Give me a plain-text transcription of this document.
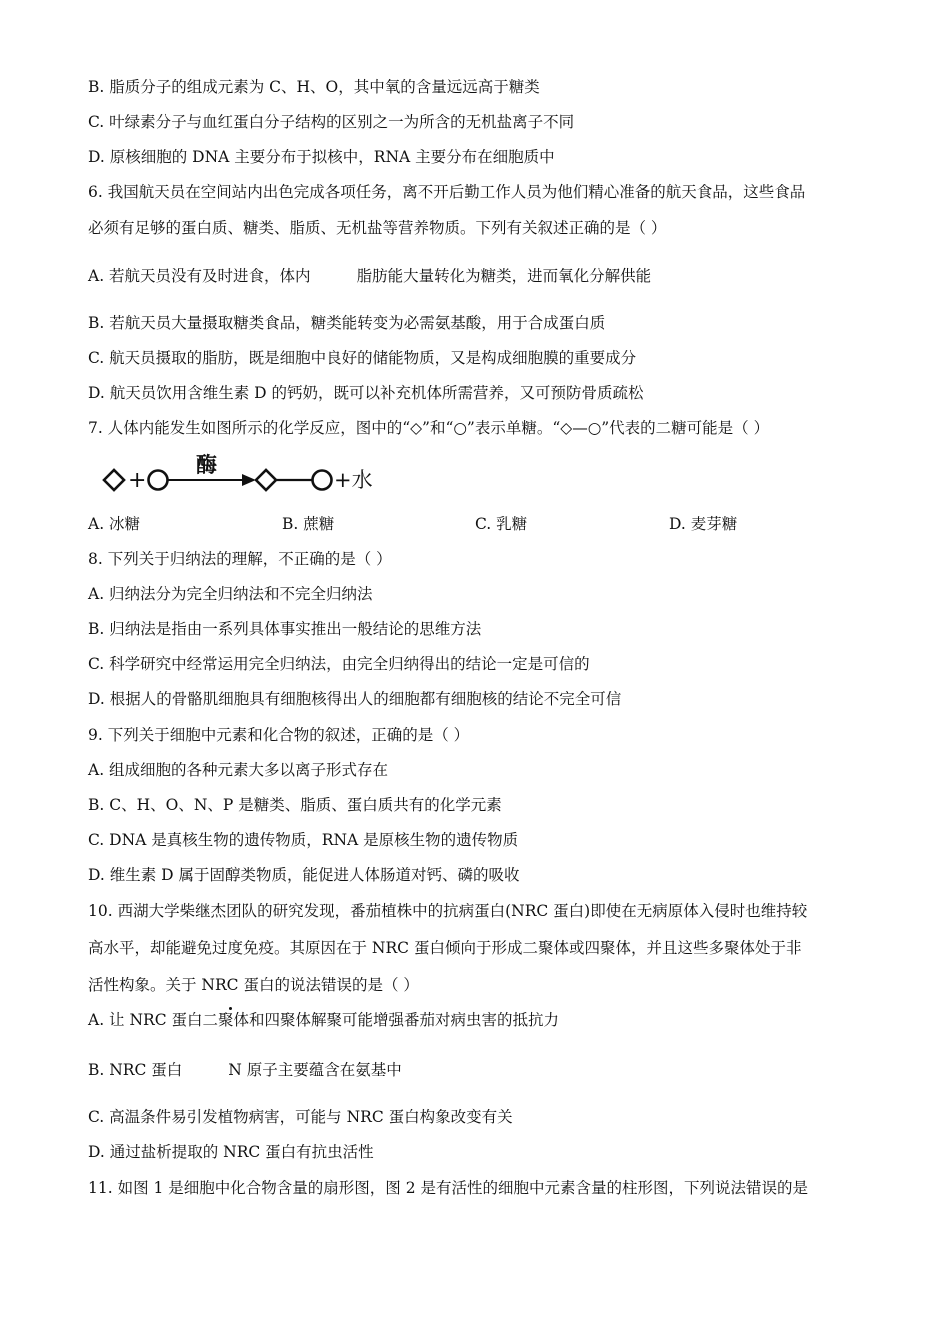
B. 脂质分子的组成元素为 C、H、O，其中氧的含量远远高于糖类
C. 叶绿素分子与血红蛋白分子结构的区别之一为所含的无机盐离子不同
D. 原核细胞的 DNA 主要分布于拟核中，RNA 主要分布在细胞质中
6. 我国航天员在空间站内出色完成各项任务，离不开后勤工作人员为他们精心准备的航天食品，这些食品
必须有足够的蛋白质、糖类、脂质、无机盐等营养物质。下列有关叙述正确的是（ ）
A. 若航天员没有及时进食，体内	脂肪能大量转化为糖类，进而氧化分解供能
B. 若航天员大量摄取糖类食品，糖类能转变为必需氨基酸，用于合成蛋白质
C. 航天员摄取的脂肪，既是细胞中良好的储能物质，又是构成细胞膜的重要成分
D. 航天员饮用含维生素 D 的钙奶，既可以补充机体所需营养，又可预防骨质疏松
7. 人体内能发生如图所示的化学反应，图中的“◇”和“○”表示单糖。“◇—○”代表的二糖可能是（ ）
+
酶
+水
A. 冰糖	B. 蔗糖	C. 乳糖	D. 麦芽糖
8. 下列关于归纳法的理解，不正确的是（ ）
A. 归纳法分为完全归纳法和不完全归纳法
B. 归纳法是指由一系列具体事实推出一般结论的思维方法
C. 科学研究中经常运用完全归纳法，由完全归纳得出的结论一定是可信的
D. 根据人的骨骼肌细胞具有细胞核得出人的细胞都有细胞核的结论不完全可信
9. 下列关于细胞中元素和化合物的叙述，正确的是（ ）
A. 组成细胞的各种元素大多以离子形式存在
B. C、H、O、N、P 是糖类、脂质、蛋白质共有的化学元素
C. DNA 是真核生物的遗传物质，RNA 是原核生物的遗传物质
D. 维生素 D 属于固醇类物质，能促进人体肠道对钙、磷的吸收
10. 西湖大学柴继杰团队的研究发现，番茄植株中的抗病蛋白(NRC 蛋白)即使在无病原体入侵时也维持较
高水平，却能避免过度免疫。其原因在于 NRC 蛋白倾向于形成二聚体或四聚体，并且这些多聚体处于非
活性构象。关于 NRC 蛋白的说法错误的是（ ）
A. 让 NRC 蛋白二聚体和四聚体解聚可能增强番茄对病虫害的抵抗力
B. NRC 蛋白	N 原子主要蕴含在氨基中
C. 高温条件易引发植物病害，可能与 NRC 蛋白构象改变有关
D. 通过盐析提取的 NRC 蛋白有抗虫活性
11. 如图 1 是细胞中化合物含量的扇形图，图 2 是有活性的细胞中元素含量的柱形图，下列说法错误的是
